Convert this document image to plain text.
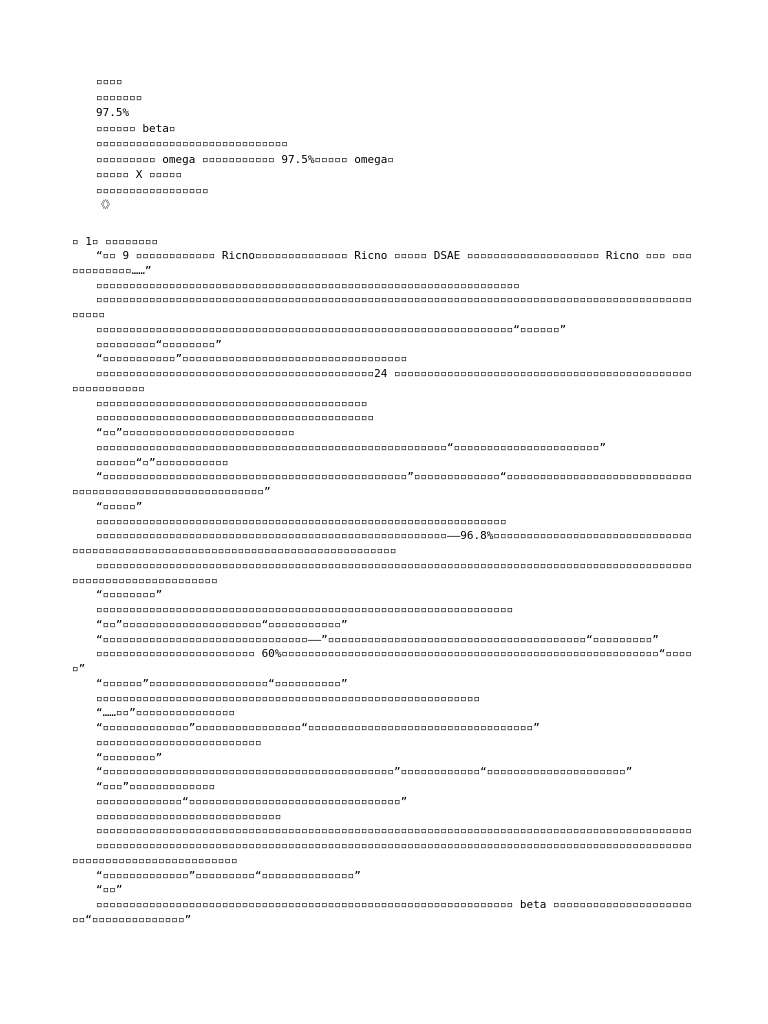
▫▫▫▫
▫▫▫▫▫▫▫
97.5%
▫▫▫▫▫▫ beta▫
▫▫▫▫▫▫▫▫▫▫▫▫▫▫▫▫▫▫▫▫▫▫▫▫▫▫▫▫▫
▫▫▫▫▫▫▫▫▫ omega ▫▫▫▫▫▫▫▫▫▫▫ 97.5%▫▫▫▫▫ omega▫
▫▫▫▫▫ X ▫▫▫▫▫
▫▫▫▫▫▫▫▫▫▫▫▫▫▫▫▫▫
《》
▫ 1▫ ▫▫▫▫▫▫▫▫

“▫▫ 9 ▫▫▫▫▫▫▫▫▫▫▫▫ Ricno▫▫▫▫▫▫▫▫▫▫▫▫▫▫ Ricno ▫▫▫▫▫ DSAE ▫▫▫▫▫▫▫▫▫▫▫▫▫▫▫▫▫▫▫▫ Ricno ▫▫▫ ▫▫▫▫▫▫▫▫▫▫▫▫……”

▫▫▫▫▫▫▫▫▫▫▫▫▫▫▫▫▫▫▫▫▫▫▫▫▫▫▫▫▫▫▫▫▫▫▫▫▫▫▫▫▫▫▫▫▫▫▫▫▫▫▫▫▫▫▫▫▫▫▫▫▫▫▫▫

▫▫▫▫▫▫▫▫▫▫▫▫▫▫▫▫▫▫▫▫▫▫▫▫▫▫▫▫▫▫▫▫▫▫▫▫▫▫▫▫▫▫▫▫▫▫▫▫▫▫▫▫▫▫▫▫▫▫▫▫▫▫▫▫▫▫▫▫▫▫▫▫▫▫▫▫▫▫▫▫▫▫▫▫▫▫▫▫▫▫▫▫▫▫▫

▫▫▫▫▫▫▫▫▫▫▫▫▫▫▫▫▫▫▫▫▫▫▫▫▫▫▫▫▫▫▫▫▫▫▫▫▫▫▫▫▫▫▫▫▫▫▫▫▫▫▫▫▫▫▫▫▫▫▫▫▫▫▫“▫▫▫▫▫▫”

▫▫▫▫▫▫▫▫▫“▫▫▫▫▫▫▫▫”

“▫▫▫▫▫▫▫▫▫▫▫”▫▫▫▫▫▫▫▫▫▫▫▫▫▫▫▫▫▫▫▫▫▫▫▫▫▫▫▫▫▫▫▫▫▫

▫▫▫▫▫▫▫▫▫▫▫▫▫▫▫▫▫▫▫▫▫▫▫▫▫▫▫▫▫▫▫▫▫▫▫▫▫▫▫▫▫▫24 ▫▫▫▫▫▫▫▫▫▫▫▫▫▫▫▫▫▫▫▫▫▫▫▫▫▫▫▫▫▫▫▫▫▫▫▫▫▫▫▫▫▫▫▫▫▫▫▫▫▫▫▫▫▫▫▫

▫▫▫▫▫▫▫▫▫▫▫▫▫▫▫▫▫▫▫▫▫▫▫▫▫▫▫▫▫▫▫▫▫▫▫▫▫▫▫▫▫

▫▫▫▫▫▫▫▫▫▫▫▫▫▫▫▫▫▫▫▫▫▫▫▫▫▫▫▫▫▫▫▫▫▫▫▫▫▫▫▫▫▫

“▫▫”▫▫▫▫▫▫▫▫▫▫▫▫▫▫▫▫▫▫▫▫▫▫▫▫▫▫

▫▫▫▫▫▫▫▫▫▫▫▫▫▫▫▫▫▫▫▫▫▫▫▫▫▫▫▫▫▫▫▫▫▫▫▫▫▫▫▫▫▫▫▫▫▫▫▫▫▫▫▫▫“▫▫▫▫▫▫▫▫▫▫▫▫▫▫▫▫▫▫▫▫▫▫”

▫▫▫▫▫▫“▫”▫▫▫▫▫▫▫▫▫▫▫

“▫▫▫▫▫▫▫▫▫▫▫▫▫▫▫▫▫▫▫▫▫▫▫▫▫▫▫▫▫▫▫▫▫▫▫▫▫▫▫▫▫▫▫▫▫▫”▫▫▫▫▫▫▫▫▫▫▫▫▫“▫▫▫▫▫▫▫▫▫▫▫▫▫▫▫▫▫▫▫▫▫▫▫▫▫▫▫▫▫▫▫▫▫▫▫▫▫▫▫▫▫▫▫▫▫▫▫▫▫▫▫▫▫▫▫▫▫”

“▫▫▫▫▫”

▫▫▫▫▫▫▫▫▫▫▫▫▫▫▫▫▫▫▫▫▫▫▫▫▫▫▫▫▫▫▫▫▫▫▫▫▫▫▫▫▫▫▫▫▫▫▫▫▫▫▫▫▫▫▫▫▫▫▫▫▫▫

▫▫▫▫▫▫▫▫▫▫▫▫▫▫▫▫▫▫▫▫▫▫▫▫▫▫▫▫▫▫▫▫▫▫▫▫▫▫▫▫▫▫▫▫▫▫▫▫▫▫▫▫▫——96.8%▫▫▫▫▫▫▫▫▫▫▫▫▫▫▫▫▫▫▫▫▫▫▫▫▫▫▫▫▫▫▫▫▫▫▫▫▫▫▫▫▫▫▫▫▫▫▫▫▫▫▫▫▫▫▫▫▫▫▫▫▫▫▫▫▫▫▫▫▫▫▫▫▫▫▫▫▫▫▫

▫▫▫▫▫▫▫▫▫▫▫▫▫▫▫▫▫▫▫▫▫▫▫▫▫▫▫▫▫▫▫▫▫▫▫▫▫▫▫▫▫▫▫▫▫▫▫▫▫▫▫▫▫▫▫▫▫▫▫▫▫▫▫▫▫▫▫▫▫▫▫▫▫▫▫▫▫▫▫▫▫▫▫▫▫▫▫▫▫▫▫▫▫▫▫▫▫▫▫▫▫▫▫▫▫▫▫▫▫▫▫▫

“▫▫▫▫▫▫▫▫”

▫▫▫▫▫▫▫▫▫▫▫▫▫▫▫▫▫▫▫▫▫▫▫▫▫▫▫▫▫▫▫▫▫▫▫▫▫▫▫▫▫▫▫▫▫▫▫▫▫▫▫▫▫▫▫▫▫▫▫▫▫▫▫

“▫▫”▫▫▫▫▫▫▫▫▫▫▫▫▫▫▫▫▫▫▫▫▫“▫▫▫▫▫▫▫▫▫▫▫”

“▫▫▫▫▫▫▫▫▫▫▫▫▫▫▫▫▫▫▫▫▫▫▫▫▫▫▫▫▫▫▫——”▫▫▫▫▫▫▫▫▫▫▫▫▫▫▫▫▫▫▫▫▫▫▫▫▫▫▫▫▫▫▫▫▫▫▫▫▫▫▫“▫▫▫▫▫▫▫▫▫”

▫▫▫▫▫▫▫▫▫▫▫▫▫▫▫▫▫▫▫▫▫▫▫▫ 60%▫▫▫▫▫▫▫▫▫▫▫▫▫▫▫▫▫▫▫▫▫▫▫▫▫▫▫▫▫▫▫▫▫▫▫▫▫▫▫▫▫▫▫▫▫▫▫▫▫▫▫▫▫▫▫▫▫“▫▫▫▫▫”

“▫▫▫▫▫▫”▫▫▫▫▫▫▫▫▫▫▫▫▫▫▫▫▫▫“▫▫▫▫▫▫▫▫▫▫”

▫▫▫▫▫▫▫▫▫▫▫▫▫▫▫▫▫▫▫▫▫▫▫▫▫▫▫▫▫▫▫▫▫▫▫▫▫▫▫▫▫▫▫▫▫▫▫▫▫▫▫▫▫▫▫▫▫▫

“……▫▫”▫▫▫▫▫▫▫▫▫▫▫▫▫▫▫

“▫▫▫▫▫▫▫▫▫▫▫▫▫”▫▫▫▫▫▫▫▫▫▫▫▫▫▫▫▫“▫▫▫▫▫▫▫▫▫▫▫▫▫▫▫▫▫▫▫▫▫▫▫▫▫▫▫▫▫▫▫▫▫▫”

▫▫▫▫▫▫▫▫▫▫▫▫▫▫▫▫▫▫▫▫▫▫▫▫▫

“▫▫▫▫▫▫▫▫”

“▫▫▫▫▫▫▫▫▫▫▫▫▫▫▫▫▫▫▫▫▫▫▫▫▫▫▫▫▫▫▫▫▫▫▫▫▫▫▫▫▫▫▫▫”▫▫▫▫▫▫▫▫▫▫▫▫“▫▫▫▫▫▫▫▫▫▫▫▫▫▫▫▫▫▫▫▫▫”

“▫▫▫”▫▫▫▫▫▫▫▫▫▫▫▫▫

▫▫▫▫▫▫▫▫▫▫▫▫▫“▫▫▫▫▫▫▫▫▫▫▫▫▫▫▫▫▫▫▫▫▫▫▫▫▫▫▫▫▫▫▫▫”

▫▫▫▫▫▫▫▫▫▫▫▫▫▫▫▫▫▫▫▫▫▫▫▫▫▫▫▫

▫▫▫▫▫▫▫▫▫▫▫▫▫▫▫▫▫▫▫▫▫▫▫▫▫▫▫▫▫▫▫▫▫▫▫▫▫▫▫▫▫▫▫▫▫▫▫▫▫▫▫▫▫▫▫▫▫▫▫▫▫▫▫▫▫▫▫▫▫▫▫▫▫▫▫▫▫▫▫▫▫▫▫▫▫▫▫▫▫▫

▫▫▫▫▫▫▫▫▫▫▫▫▫▫▫▫▫▫▫▫▫▫▫▫▫▫▫▫▫▫▫▫▫▫▫▫▫▫▫▫▫▫▫▫▫▫▫▫▫▫▫▫▫▫▫▫▫▫▫▫▫▫▫▫▫▫▫▫▫▫▫▫▫▫▫▫▫▫▫▫▫▫▫▫▫▫▫▫▫▫▫▫▫▫▫▫▫▫▫▫▫▫▫▫▫▫▫▫▫▫▫▫▫▫▫

“▫▫▫▫▫▫▫▫▫▫▫▫▫”▫▫▫▫▫▫▫▫▫“▫▫▫▫▫▫▫▫▫▫▫▫▫▫”

“▫▫”

▫▫▫▫▫▫▫▫▫▫▫▫▫▫▫▫▫▫▫▫▫▫▫▫▫▫▫▫▫▫▫▫▫▫▫▫▫▫▫▫▫▫▫▫▫▫▫▫▫▫▫▫▫▫▫▫▫▫▫▫▫▫▫ beta ▫▫▫▫▫▫▫▫▫▫▫▫▫▫▫▫▫▫▫▫▫▫▫“▫▫▫▫▫▫▫▫▫▫▫▫▫▫”
